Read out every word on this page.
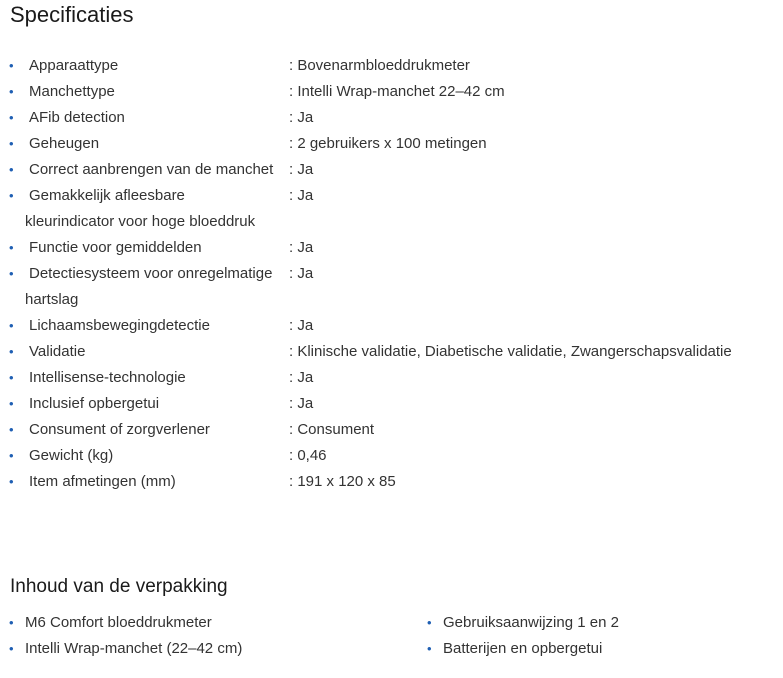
Specificaties
•	Apparaattype	: Bovenarmbloeddrukmeter
•	Manchettype	: Intelli Wrap-manchet 22–42 cm
•	AFib detection	: Ja
•	Geheugen	: 2 gebruikers x 100 metingen
•	Correct aanbrengen van de manchet : Ja
•	Gemakkelijk afleesbare kleurindicator voor hoge bloeddruk
: Ja
•	Functie voor gemiddelden	: Ja
•	Detectiesysteem voor onregelmatige hartslag
: Ja
•	Lichaamsbewegingdetectie	: Ja
•	Validatie	: Klinische validatie, Diabetische validatie, Zwangerschapsvalidatie
•	Intellisense-technologie	: Ja
•	Inclusief opbergetui	: Ja
•	Consument of zorgverlener	: Consument
•	Gewicht (kg)	: 0,46
•	Item afmetingen (mm)	: 191 x 120 x 85
Inhoud van de verpakking
• M6 Comfort bloeddrukmeter
• Intelli Wrap-manchet (22–42 cm)
• Gebruiksaanwijzing 1 en 2
• Batterijen en opbergetui
